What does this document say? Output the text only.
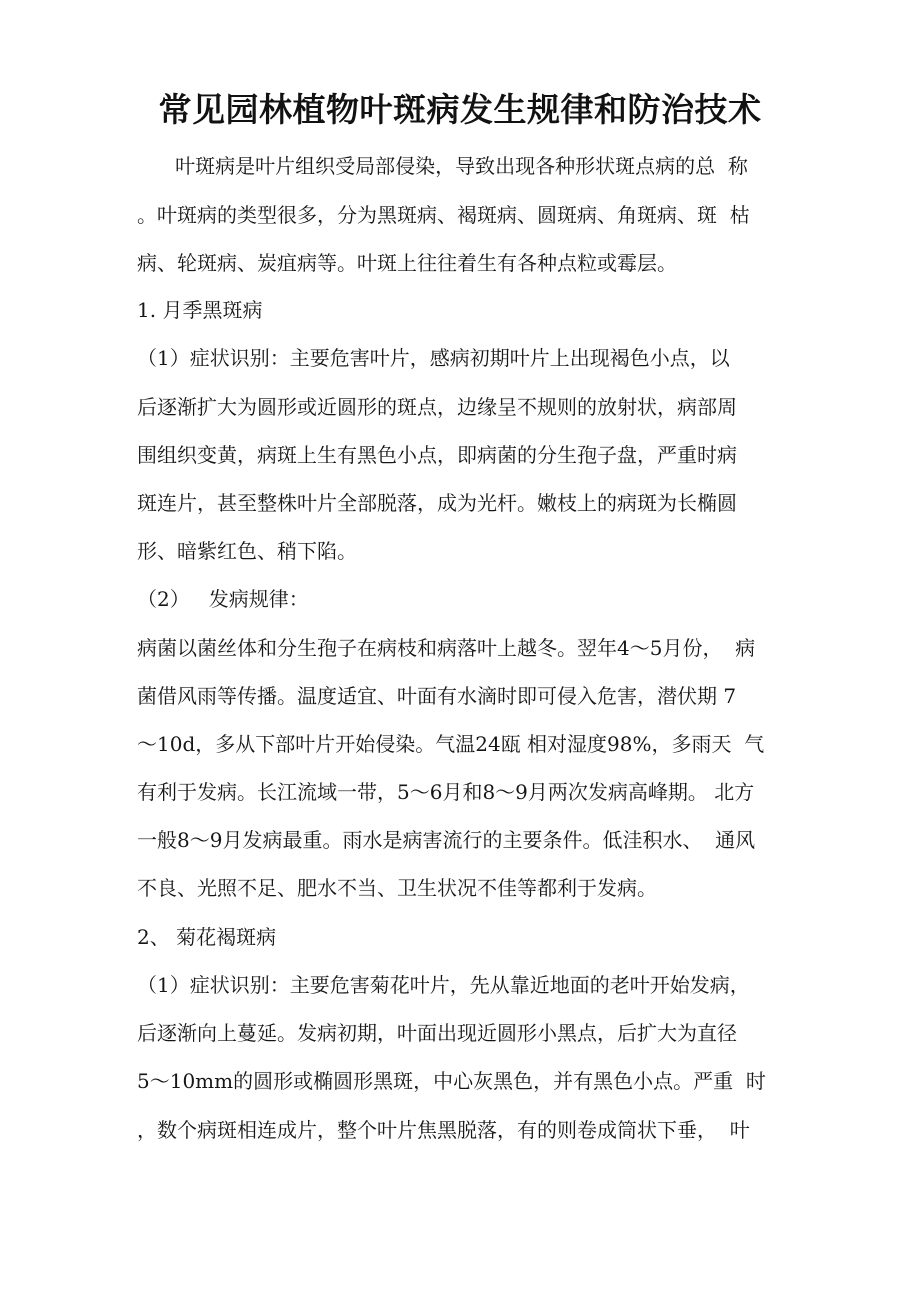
常见园林植物叶斑病发生规律和防治技术

叶斑病是叶片组织受局部侵染，导致出现各种形状斑点病的总  称

。叶斑病的类型很多，分为黑斑病、褐斑病、圆斑病、角斑病、斑  枯

病、轮斑病、炭疽病等。叶斑上往往着生有各种点粒或霉层。

1. 月季黑斑病

（1）症状识别：主要危害叶片，感病初期叶片上出现褐色小点，以

后逐渐扩大为圆形或近圆形的斑点，边缘呈不规则的放射状，病部周

围组织变黄，病斑上生有黑色小点，即病菌的分生孢子盘，严重时病

斑连片，甚至整株叶片全部脱落，成为光杆。嫩枝上的病斑为长椭圆

形、暗紫红色、稍下陷。

（2）   发病规律：

病菌以菌丝体和分生孢子在病枝和病落叶上越冬。翌年4〜5月份，  病

菌借风雨等传播。温度适宜、叶面有水滴时即可侵入危害，潜伏期 7

〜10d，多从下部叶片开始侵染。气温24瓯 相对湿度98%，多雨天  气

有利于发病。长江流域一带，5〜6月和8〜9月两次发病高峰期。 北方

一般8〜9月发病最重。雨水是病害流行的主要条件。低洼积水、  通风

不良、光照不足、肥水不当、卫生状况不佳等都利于发病。

2、 菊花褐斑病

（1）症状识别：主要危害菊花叶片，先从靠近地面的老叶开始发病，

后逐渐向上蔓延。发病初期，叶面出现近圆形小黑点，后扩大为直径

5〜10mm的圆形或椭圆形黑斑，中心灰黑色，并有黑色小点。严重  时

，数个病斑相连成片，整个叶片焦黑脱落，有的则卷成筒状下垂，  叶
